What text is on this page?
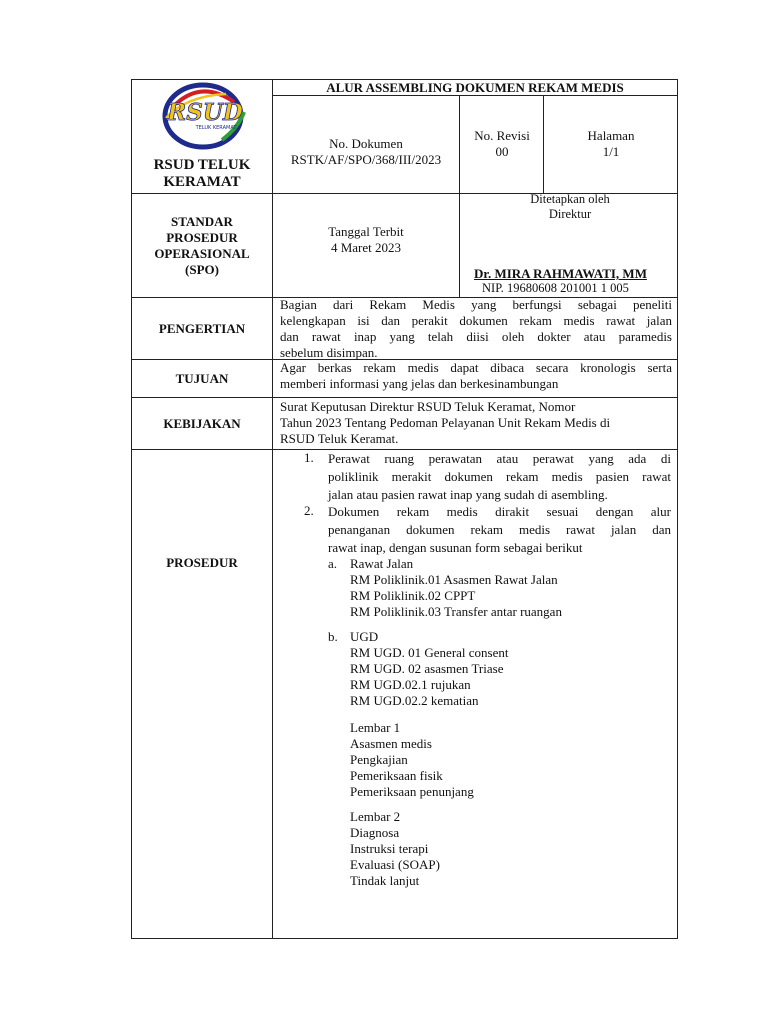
RSUD
TELUK KERAMAT
RSUD TELUK
KERAMAT
ALUR ASSEMBLING DOKUMEN REKAM MEDIS
No. Dokumen
RSTK/AF/SPO/368/III/2023
No. Revisi
00
Halaman
1/1
STANDAR
PROSEDUR
OPERASIONAL
(SPO)
Tanggal Terbit
4 Maret 2023
Ditetapkan oleh
Direktur
Dr. MIRA RAHMAWATI, MM
NIP. 19680608 201001 1 005
PENGERTIAN
Bagian dari Rekam Medis yang berfungsi sebagai peneliti
kelengkapan isi dan perakit dokumen rekam medis rawat jalan
dan rawat inap yang telah diisi oleh dokter atau paramedis
sebelum disimpan.
TUJUAN
Agar berkas rekam medis dapat dibaca secara kronologis serta
memberi informasi yang jelas dan berkesinambungan
KEBIJAKAN
Surat Keputusan Direktur RSUD Teluk Keramat, Nomor
Tahun 2023 Tentang Pedoman Pelayanan Unit Rekam Medis di
RSUD Teluk Keramat.
PROSEDUR
1.	Perawat ruang perawatan atau perawat yang ada di
poliklinik merakit dokumen rekam medis pasien rawat
jalan atau pasien rawat inap yang sudah di asembling.
2.	Dokumen rekam medis dirakit sesuai dengan alur
penanganan dokumen rekam medis rawat jalan dan
rawat inap, dengan susunan form sebagai berikut
a. Rawat Jalan
RM Poliklinik.01 Asasmen Rawat Jalan
RM Poliklinik.02 CPPT
RM Poliklinik.03 Transfer antar ruangan
b. UGD
RM UGD. 01 General consent
RM UGD. 02 asasmen Triase
RM UGD.02.1 rujukan
RM UGD.02.2 kematian
Lembar 1
Asasmen medis
Pengkajian
Pemeriksaan fisik
Pemeriksaan penunjang
Lembar 2
Diagnosa
Instruksi terapi
Evaluasi (SOAP)
Tindak lanjut
